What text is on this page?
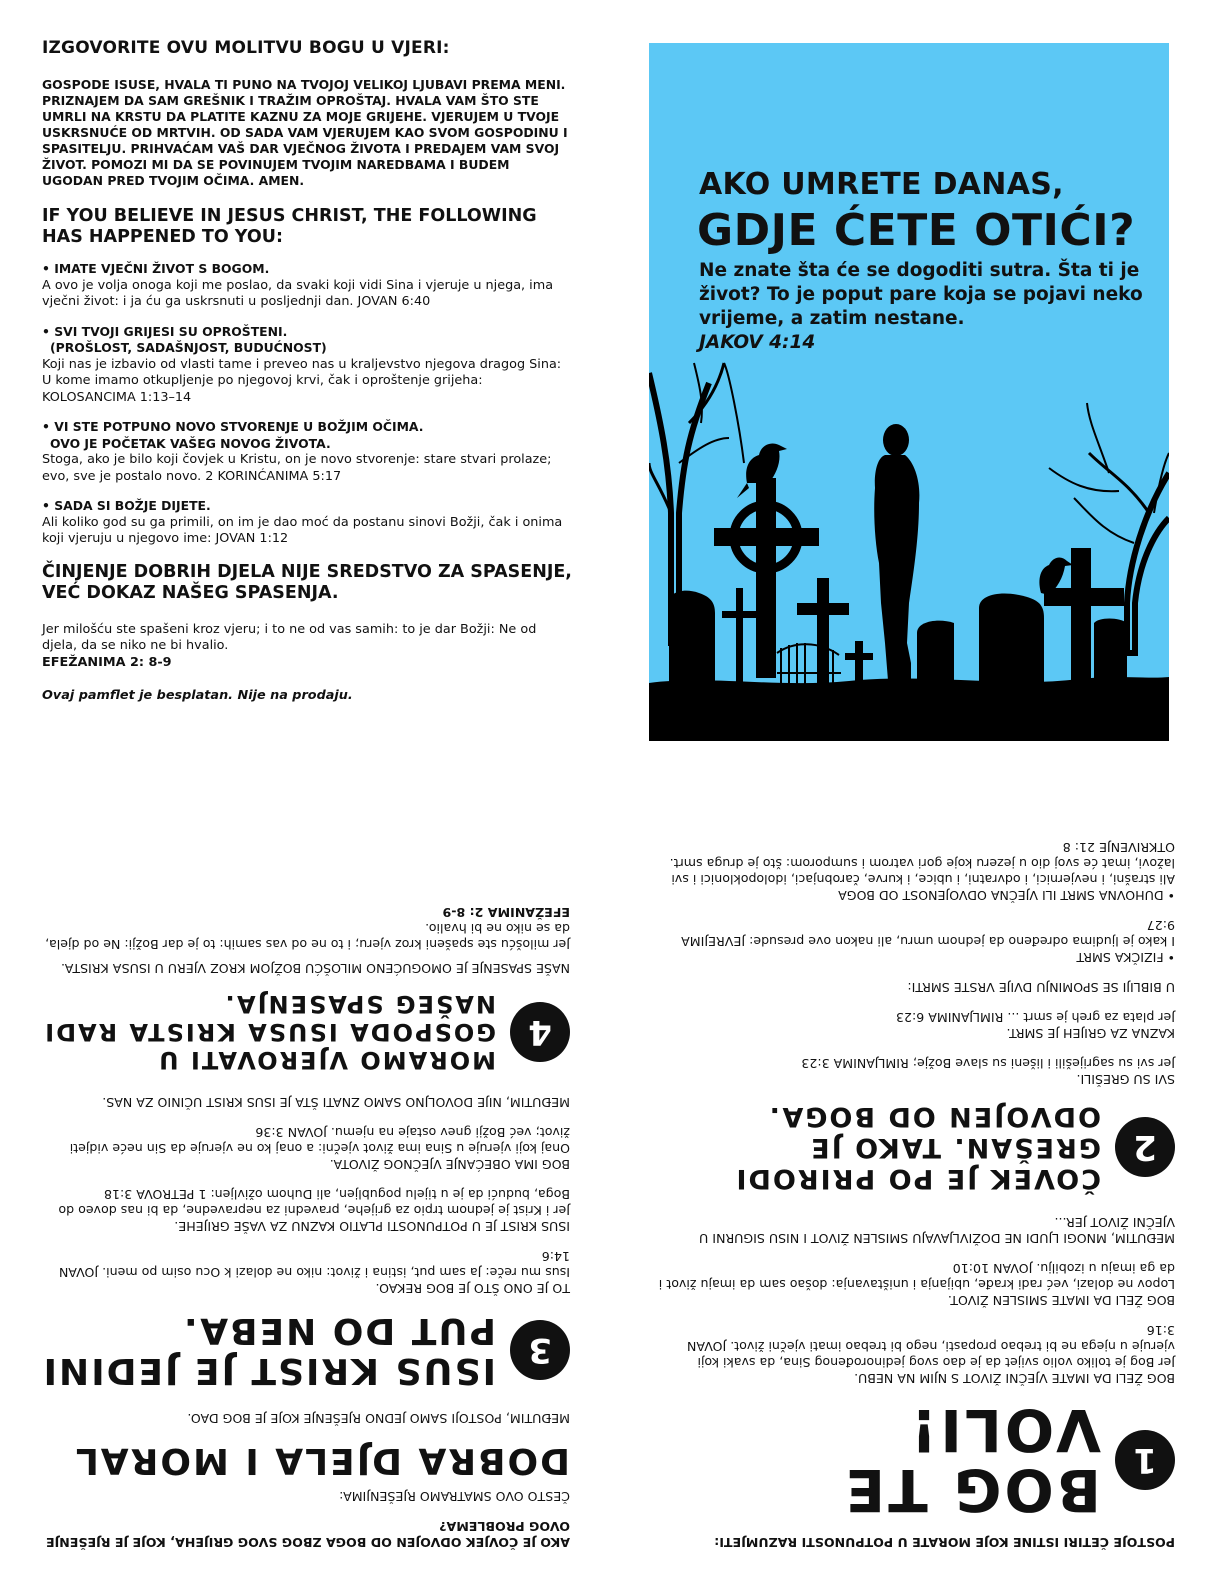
IZGOVORITE OVU MOLITVU BOGU U VJERI:

GOSPODE ISUSE, HVALA TI PUNO NA TVOJOJ VELIKOJ LJUBAVI PREMA MENI. PRIZNAJEM DA SAM GREŠNIK I TRAŽIM OPROŠTAJ. HVALA VAM ŠTO STE UMRLI NA KRSTU DA PLATITE KAZNU ZA MOJE GRIJEHE. VJERUJEM U TVOJE USKRSNUĆE OD MRTVIH. OD SADA VAM VJERUJEM KAO SVOM GOSPODINU I SPASITELJU. PRIHVAĆAM VAŠ DAR VJEČNOG ŽIVOTA I PREDAJEM VAM SVOJ ŽIVOT. POMOZI MI DA SE POVINUJEM TVOJIM NAREDBAMA I BUDEM UGODAN PRED TVOJIM OČIMA. AMEN.

IF YOU BELIEVE IN JESUS CHRIST, THE FOLLOWING HAS HAPPENED TO YOU:
• IMATE VJEČNI ŽIVOT S BOGOM.
A ovo je volja onoga koji me poslao, da svaki koji vidi Sina i vjeruje u njega, ima vječni život: i ja ću ga uskrsnuti u posljednji dan. JOVAN 6:40
• SVI TVOJI GRIJESI SU OPROŠTENI.
(PROŠLOST, SADAŠNJOST, BUDUĆNOST)
Koji nas je izbavio od vlasti tame i preveo nas u kraljevstvo njegova dragog Sina: U kome imamo otkupljenje po njegovoj krvi, čak i oproštenje grijeha: KOLOSANCIMA 1:13–14
• VI STE POTPUNO NOVO STVORENJE U BOŽJIM OČIMA.
OVO JE POČETAK VAŠEG NOVOG ŽIVOTA.
Stoga, ako je bilo koji čovjek u Kristu, on je novo stvorenje: stare stvari prolaze; evo, sve je postalo novo. 2 KORINĆANIMA 5:17
• SADA SI BOŽJE DIJETE.
Ali koliko god su ga primili, on im je dao moć da postanu sinovi Božji, čak i onima koji vjeruju u njegovo ime: JOVAN 1:12
ČINJENJE DOBRIH DJELA NIJE SREDSTVO ZA SPASENJE, VEĆ DOKAZ NAŠEG SPASENJA.

Jer milošću ste spašeni kroz vjeru; i to ne od vas samih: to je dar Božji: Ne od djela, da se niko ne bi hvalio.
EFEŽANIMA 2: 8-9

Ovaj pamflet je besplatan. Nije na prodaju.

AKO UMRETE DANAS,
GDJE ĆETE OTIĆI?

Ne znate šta će se dogoditi sutra. Šta ti je život? To je poput pare koja se pojavi neko vrijeme, a zatim nestane.
JAKOV 4:14

AKO JE ČOVJEK ODVOJEN OD BOGA ZBOG SVOG GRIJEHA, KOJE JE RJEŠENJE OVOG PROBLEMA?

ČESTO OVO SMATRAMO RJEŠENJIMA:

DOBRA DJELA I MORAL

MEĐUTIM, POSTOJI SAMO JEDNO RJEŠENJE KOJE JE BOG DAO.

3

ISUS KRIST JE JEDINI PUT DO NEBA.

TO JE ONO ŠTO JE BOG REKAO.

Isus mu reče: Ja sam put, istina i život: niko ne dolazi k Ocu osim po meni. JOVAN 14:6

ISUS KRIST JE U POTPUNOSTI PLATIO KAZNU ZA VAŠE GRIJEHE.

Jer i Krist je jednom trpio za grijehe, pravedni za nepravedne, da bi nas doveo do Boga, budući da je u tijelu pogubljen, ali Duhom oživljen: 1 PETROVA 3:18

BOG IMA OBEĆANJE VJEČNOG ŽIVOTA.

Onaj koji vjeruje u Sina ima život vječni: a onaj ko ne vjeruje da Sin neće vidjeti život; već Božji gnev ostaje na njemu. JOVAN 3:36

MEĐUTIM, NIJE DOVOLJNO SAMO ZNATI ŠTA JE ISUS KRIST UČINIO ZA NAS.

4

MORAMO VJEROVATI U GOSPODA ISUSA KRISTA RADI NAŠEG SPASENJA.

NAŠE SPASENJE JE OMOGUĆENO MILOŠĆU BOŽJOM KROZ VJERU U ISUSA KRISTA.

Jer milošću ste spašeni kroz vjeru; i to ne od vas samih: to je dar Božji: Ne od djela, da se niko ne bi hvalio.

EFEŽANIMA 2: 8-9

POSTOJE ČETIRI ISTINE KOJE MORATE U POTPUNOSTI RAZUMJETI:

1

BOG TE VOLI!

BOG ŽELI DA IMATE VJEČNI ŽIVOT S NJIM NA NEBU.

Jer Bog je toliko volio svijet da je dao svog jedinorođenog Sina, da svaki koji vjeruje u njega ne bi trebao propasti, nego bi trebao imati vječni život. JOVAN 3:16

BOG ŽELI DA IMATE SMISLEN ŽIVOT.

Lopov ne dolazi, već radi krađe, ubijanja i uništavanja: došao sam da imaju život i da ga imaju u izobilju. JOVAN 10:10

MEĐUTIM, MNOGI LJUDI NE DOŽIVLJAVAJU SMISLEN ŽIVOT I NISU SIGURNI U VJEČNI ŽIVOT JER...

2

ČOVEK JE PO PRIRODI GREŠAN. TAKO JE ODVOJEN OD BOGA.

SVI SU GREŠILI.

Jer svi su sagriješili i lišeni su slave Božje; RIMLJANIMA 3:23

KAZNA ZA GRIJEH JE SMRT.

Jer plata za greh je smrt ... RIMLJANIMA 6:23

U BIBLIJI SE SPOMINJU DVIJE VRSTE SMRTI:

• FIZIČKA SMRT

I kako je ljudima određeno da jednom umru, ali nakon ove presude: JEVREJIMA 9:27

• DUHOVNA SMRT ILI VJEČNA ODVOJENOST OD BOGA

Ali strašni, i nevjernici, i odvratni, i ubice, i kurve, čarobnjaci, idolopoklonici i svi lažovi, imat će svoj dio u jezeru koje gori vatrom i sumporom: što je druga smrt. OTKRIVENJE 21: 8
